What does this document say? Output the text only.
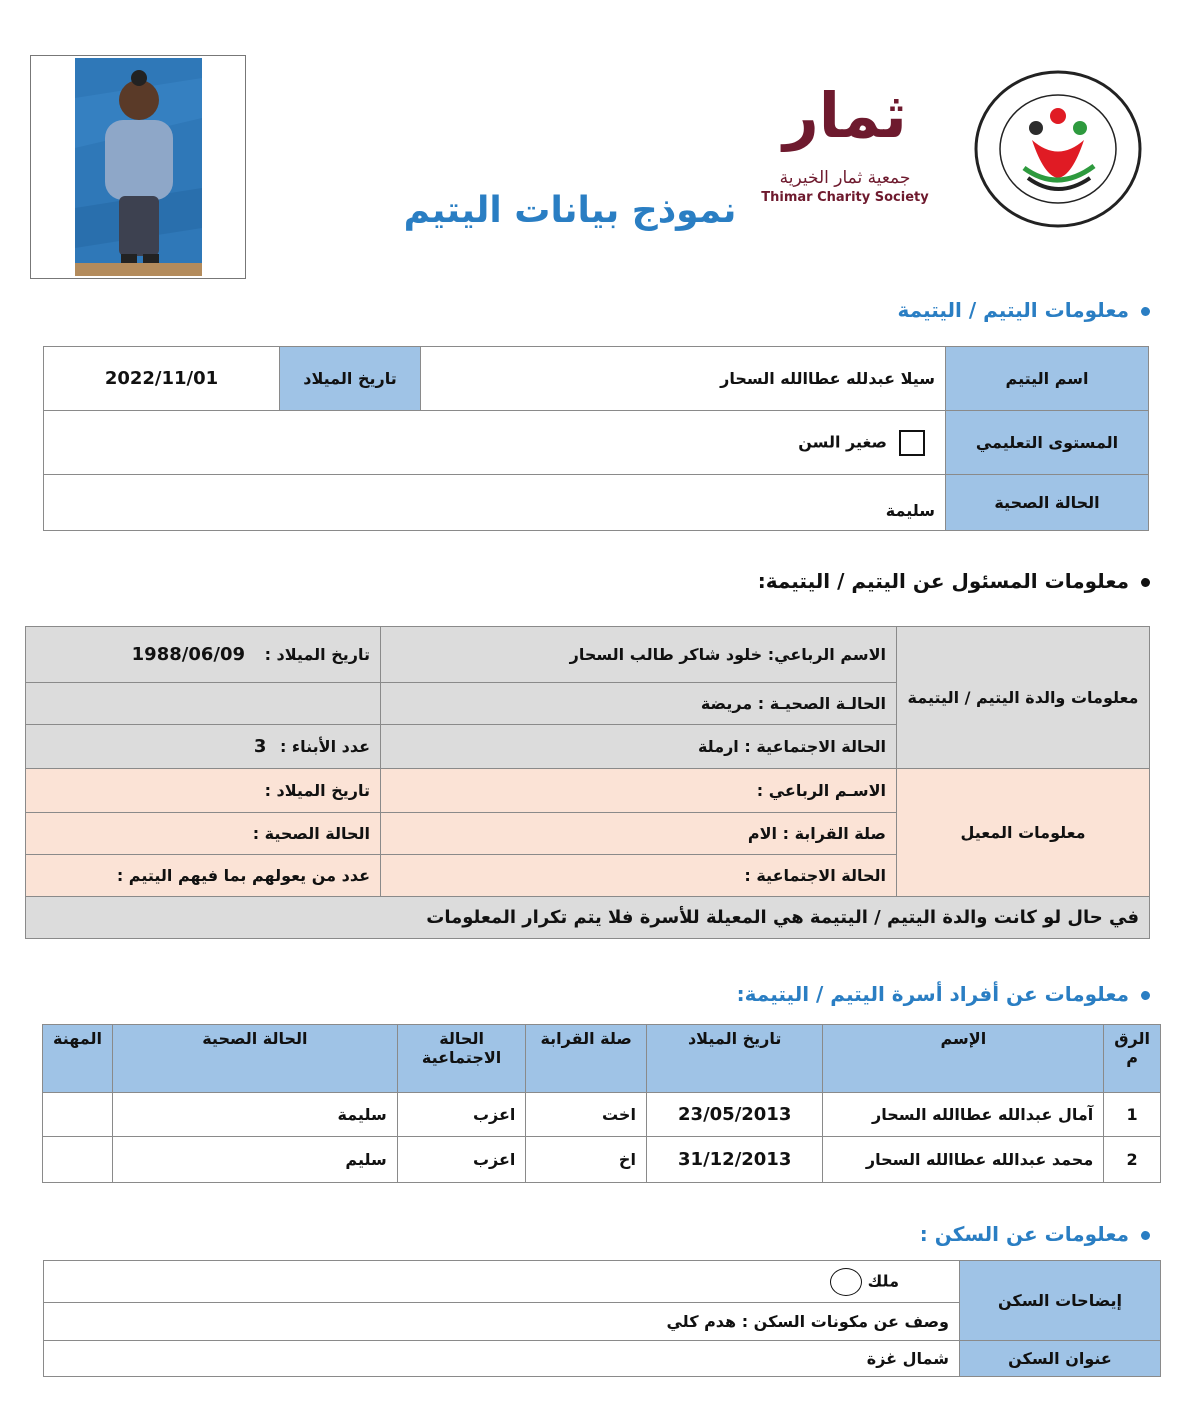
ثمار
جمعية ثمار الخيرية
Thimar Charity Society
نموذج بيانات اليتيم
معلومات اليتيم / اليتيمة
اسم اليتيم	سيلا عبدلله عطاالله السحار	تاريخ الميلاد	2022/11/01
المستوى التعليمي	صغير السن		
الحالة الصحية	سليمة		
معلومات المسئول عن اليتيم / اليتيمة:
معلومات والدة اليتيم / اليتيمة	الاسم الرباعي: خلود شاكر طالب السحار	تاريخ الميلاد : 1988/06/09
	الحالـة الصحيـة : مريضة	
	الحالة الاجتماعية : ارملة	عدد الأبناء : 3
معلومات المعيل	الاسـم الرباعي :	تاريخ الميلاد :
	صلة القرابة : الام	الحالة الصحية :
	الحالة الاجتماعية :	عدد من يعولهم بما فيهم اليتيم :
في حال لو كانت والدة اليتيم / اليتيمة هي المعيلة للأسرة فلا يتم تكرار المعلومات		
معلومات عن أفراد أسرة اليتيم / اليتيمة:
الرق م	الإسم	تاريخ الميلاد	صلة القرابة	الحالة الاجتماعية	الحالة الصحية	المهنة
1	آمال عبدالله عطاالله السحار	23/05/2013	اخت	اعزب	سليمة	
2	محمد عبدالله عطاالله السحار	31/12/2013	اخ	اعزب	سليم	
معلومات عن السكن :
إيضاحات السكن	ملك
	وصف عن مكونات السكن : هدم كلي
عنوان السكن	شمال غزة
